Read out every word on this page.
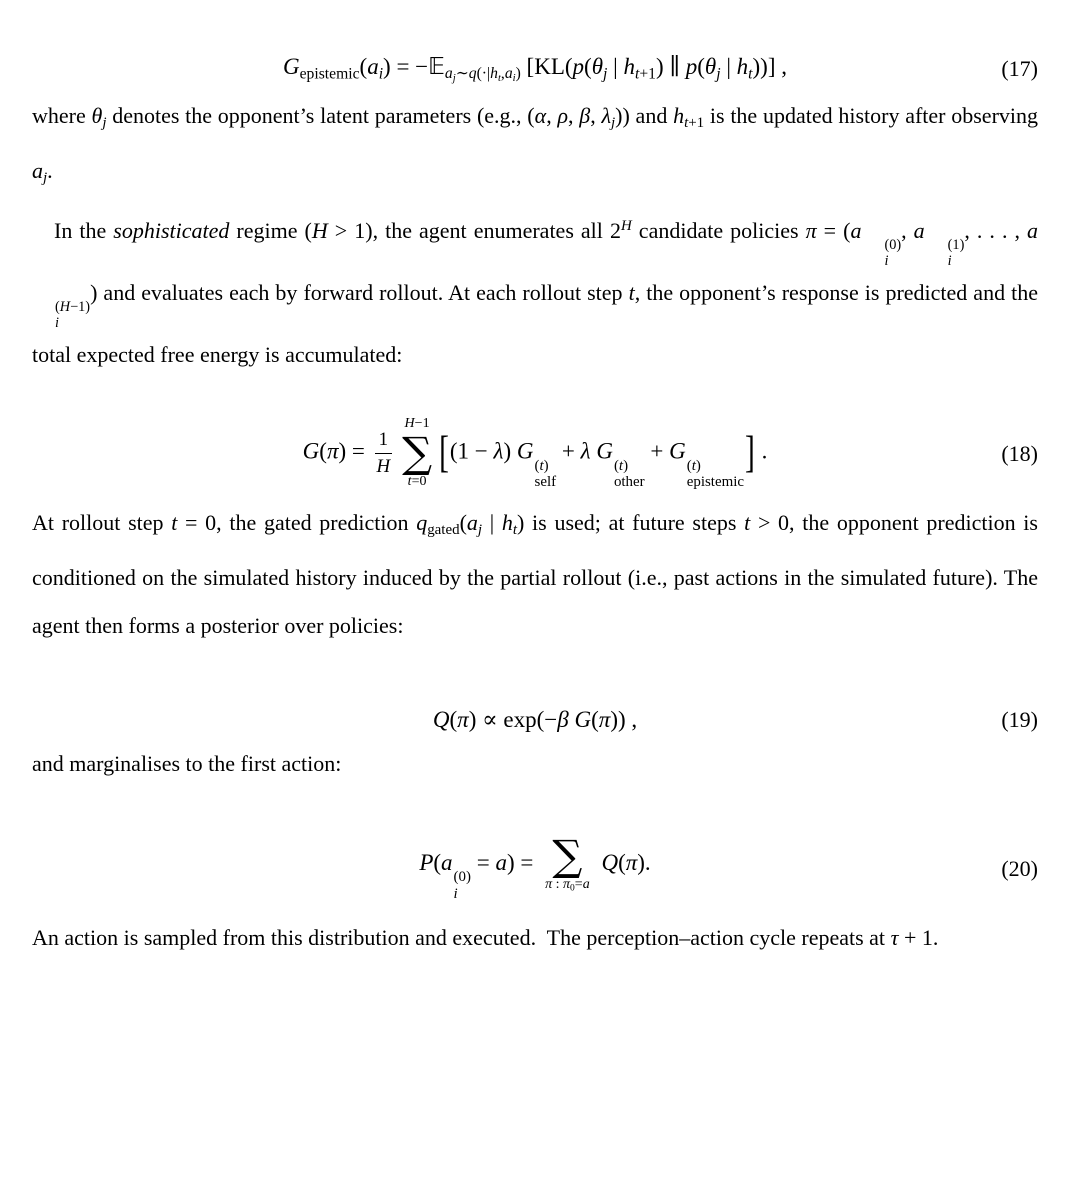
Gepistemic(ai) = −𝔼aj∼q(·|ht,ai) [KL(p(θj | ht+1) ∥ p(θj | ht))] ,	(17)

where θj denotes the opponent’s latent parameters (e.g., (α, ρ, β, λj)) and ht+1 is the updated history after observing aj.

In the sophisticated regime (H > 1), the agent enumerates all $2^H$ candidate policies π = (a
(0)
i
, a
(1)
i
, . . . , a
(H−1)
i
) and evaluates each by forward rollout. At each rollout step t, the opponent’s response is predicted and the total expected free energy is accumulated:

$G(\pi) = \frac{1}{H}$
H−1
∑
t=0
[(1 − λ) G
(t)
self
+ λ G
(t)
other
+ G
(t)
epistemic
] .	(18)

At rollout step t = 0, the gated prediction qgated(aj | ht) is used; at future steps t > 0, the opponent prediction is conditioned on the simulated history induced by the partial rollout (i.e., past actions in the simulated future). The agent then forms a posterior over policies:

Q(π) ∝ exp(−β G(π)) ,	(19)

and marginalises to the first action:

P(a
(0)
i
= a) = ∑
π : π0=a
Q(π).	(20)

An action is sampled from this distribution and executed.  The perception–action cycle repeats at τ + 1.
